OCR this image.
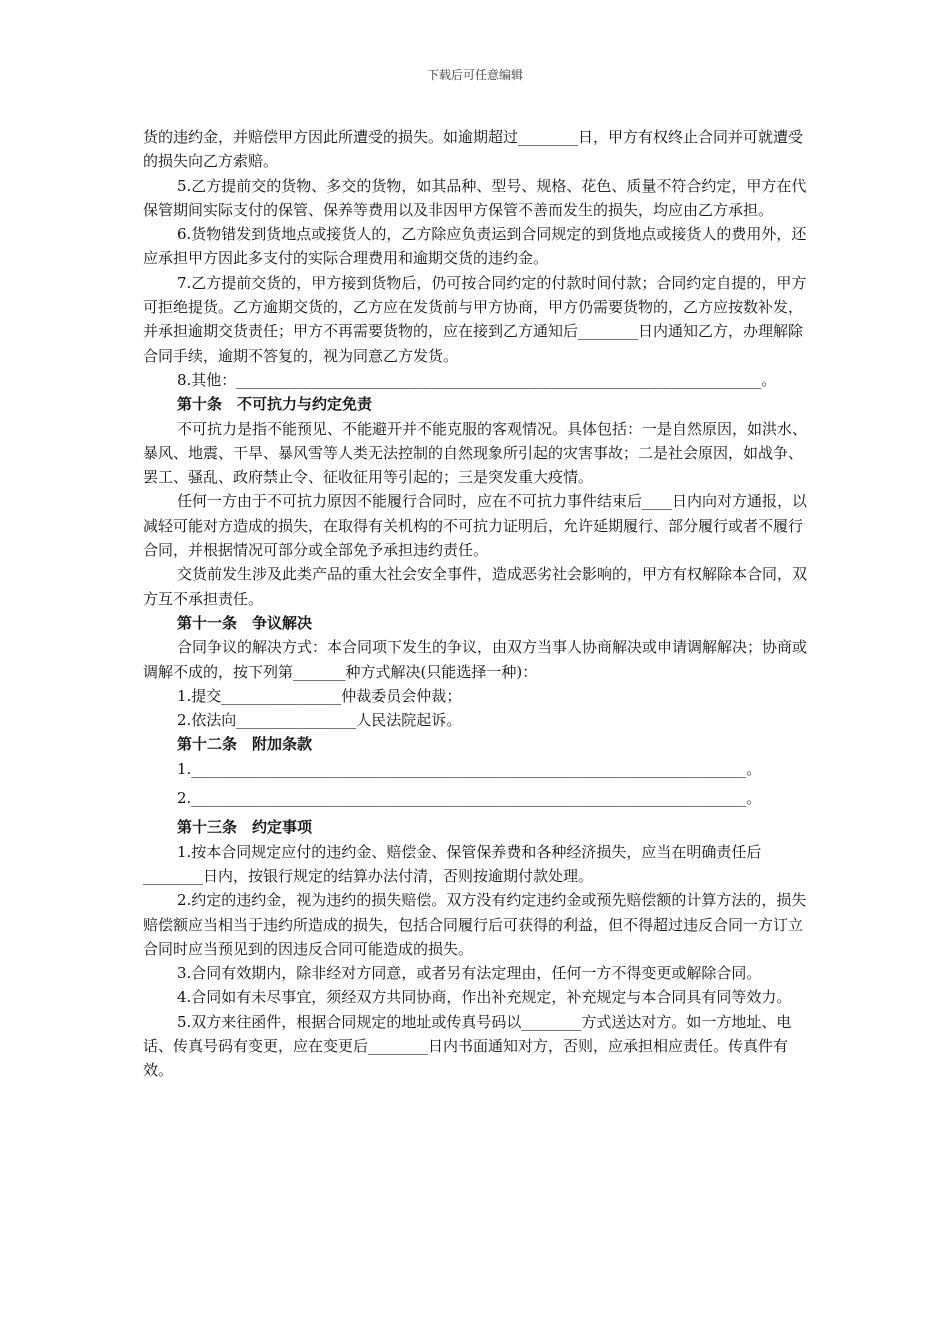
下载后可任意编辑

货的违约金，并赔偿甲方因此所遭受的损失。如逾期超过________日，甲方有权终止合同并可就遭受的损失向乙方索赔。

5.乙方提前交的货物、多交的货物，如其品种、型号、规格、花色、质量不符合约定，甲方在代保管期间实际支付的保管、保养等费用以及非因甲方保管不善而发生的损失，均应由乙方承担。

6.货物错发到货地点或接货人的，乙方除应负责运到合同规定的到货地点或接货人的费用外，还应承担甲方因此多支付的实际合理费用和逾期交货的违约金。

7.乙方提前交货的，甲方接到货物后，仍可按合同约定的付款时间付款；合同约定自提的，甲方可拒绝提货。乙方逾期交货的，乙方应在发货前与甲方协商，甲方仍需要货物的，乙方应按数补发，并承担逾期交货责任；甲方不再需要货物的，应在接到乙方通知后________日内通知乙方，办理解除合同手续，逾期不答复的，视为同意乙方发货。

8.其他：______________________________________________________________________。

第十条　不可抗力与约定免责

不可抗力是指不能预见、不能避开并不能克服的客观情况。具体包括：一是自然原因，如洪水、暴风、地震、干旱、暴风雪等人类无法控制的自然现象所引起的灾害事故；二是社会原因，如战争、罢工、骚乱、政府禁止令、征收征用等引起的；三是突发重大疫情。

任何一方由于不可抗力原因不能履行合同时，应在不可抗力事件结束后____日内向对方通报，以减轻可能对方造成的损失，在取得有关机构的不可抗力证明后，允许延期履行、部分履行或者不履行合同，并根据情况可部分或全部免予承担违约责任。

交货前发生涉及此类产品的重大社会安全事件，造成恶劣社会影响的，甲方有权解除本合同，双方互不承担责任。

第十一条　争议解决

合同争议的解决方式：本合同项下发生的争议，由双方当事人协商解决或申请调解解决；协商或调解不成的，按下列第_______种方式解决(只能选择一种)：

1.提交________________仲裁委员会仲裁；

2.依法向________________人民法院起诉。

第十二条　附加条款

1.__________________________________________________________________________。

2.__________________________________________________________________________。

第十三条　约定事项

1.按本合同规定应付的违约金、赔偿金、保管保养费和各种经济损失，应当在明确责任后________日内，按银行规定的结算办法付清，否则按逾期付款处理。

2.约定的违约金，视为违约的损失赔偿。双方没有约定违约金或预先赔偿额的计算方法的，损失赔偿额应当相当于违约所造成的损失，包括合同履行后可获得的利益，但不得超过违反合同一方订立合同时应当预见到的因违反合同可能造成的损失。

3.合同有效期内，除非经对方同意，或者另有法定理由，任何一方不得变更或解除合同。

4.合同如有未尽事宜，须经双方共同协商，作出补充规定，补充规定与本合同具有同等效力。

5.双方来往函件，根据合同规定的地址或传真号码以________方式送达对方。如一方地址、电话、传真号码有变更，应在变更后________日内书面通知对方，否则，应承担相应责任。传真件有效。
